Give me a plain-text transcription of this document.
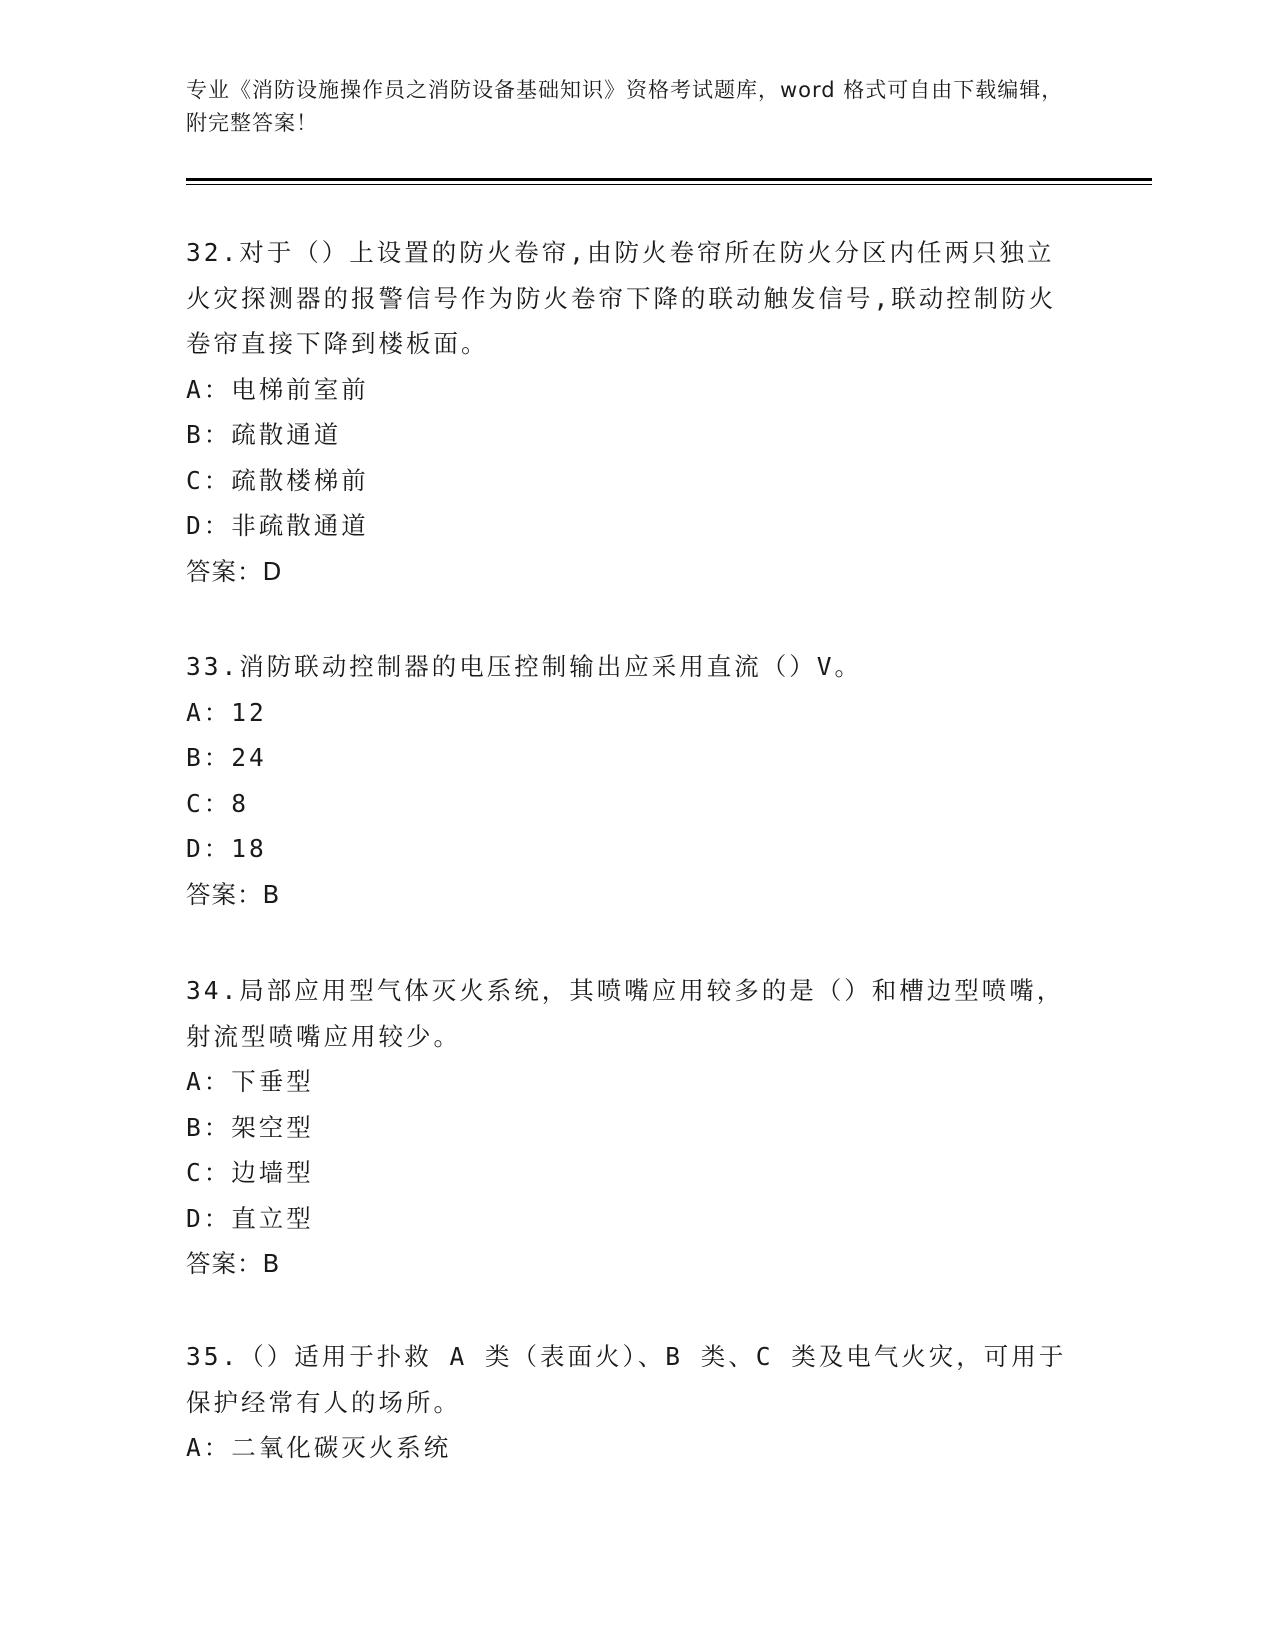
专业《消防设施操作员之消防设备基础知识》资格考试题库，word 格式可自由下载编辑，附完整答案！
32.对于（）上设置的防火卷帘,由防火卷帘所在防火分区内任两只独立火灾探测器的报警信号作为防火卷帘下降的联动触发信号,联动控制防火卷帘直接下降到楼板面。
A：电梯前室前
B：疏散通道
C：疏散楼梯前
D：非疏散通道
答案：D
33.消防联动控制器的电压控制输出应采用直流（）V。
A：12
B：24
C：8
D：18
答案：B
34.局部应用型气体灭火系统，其喷嘴应用较多的是（）和槽边型喷嘴，射流型喷嘴应用较少。
A：下垂型
B：架空型
C：边墙型
D：直立型
答案：B
35.（）适用于扑救 A 类（表面火）、B 类、C 类及电气火灾，可用于保护经常有人的场所。
A：二氧化碳灭火系统
